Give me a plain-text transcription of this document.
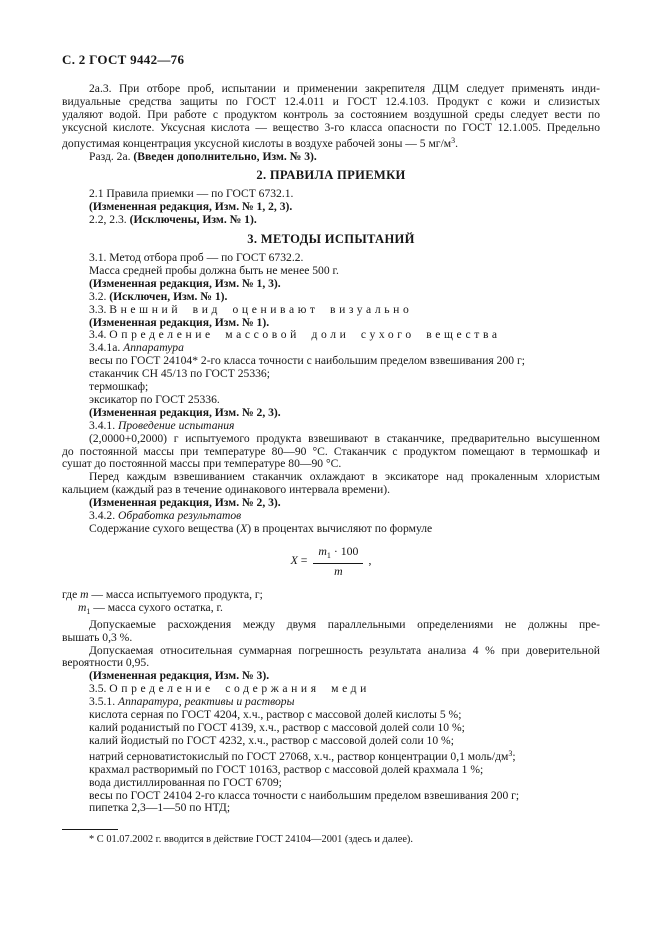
С. 2 ГОСТ 9442—76
2а.3. При отборе проб, испытании и применении закрепителя ДЦМ следует применять инди-
видуальные средства защиты по ГОСТ 12.4.011 и ГОСТ 12.4.103. Продукт с кожи и слизистых
удаляют водой. При работе с продуктом контроль за состоянием воздушной среды следует вести по
уксусной кислоте. Уксусная кислота — вещество 3-го класса опасности по ГОСТ 12.1.005. Предельно
допустимая концентрация уксусной кислоты в воздухе рабочей зоны — 5 $мг/м^3$.
Разд. 2а. (Введен дополнительно, Изм. № 3).
2. ПРАВИЛА ПРИЕМКИ
2.1 Правила приемки — по ГОСТ 6732.1.
(Измененная редакция, Изм. № 1, 2, 3).
2.2, 2.3. (Исключены, Изм. № 1).
3. МЕТОДЫ ИСПЫТАНИЙ
3.1. Метод отбора проб — по ГОСТ 6732.2.
Масса средней пробы должна быть не менее 500 г.
(Измененная редакция, Изм. № 1, 3).
3.2. (Исключен, Изм. № 1).
3.3. Внешний вид оценивают визуально
(Измененная редакция, Изм. № 1).
3.4. Определение массовой доли сухого вещества
3.4.1а. Аппаратура
весы по ГОСТ 24104* 2-го класса точности с наибольшим пределом взвешивания 200 г;
стаканчик СН 45/13 по ГОСТ 25336;
термошкаф;
эксикатор по ГОСТ 25336.
(Измененная редакция, Изм. № 2, 3).
3.4.1. Проведение испытания
(2,0000+0,2000) г испытуемого продукта взвешивают в стаканчике, предварительно высушенном
до постоянной массы при температуре 80—90 °С. Стаканчик с продуктом помещают в термошкаф и
сушат до постоянной массы при температуре 80—90 °С.
Перед каждым взвешиванием стаканчик охлаждают в эксикаторе над прокаленным хлористым
кальцием (каждый раз в течение одинакового интервала времени).
(Измененная редакция, Изм. № 2, 3).
3.4.2. Обработка результатов
Содержание сухого вещества (X) в процентах вычисляют по формуле
$X = \frac{m_1 \cdot 100}{m}$ ,
где m — масса испытуемого продукта, г;
$m_1$ — масса сухого остатка, г.
Допускаемые расхождения между двумя параллельными определениями не должны пре-
вышать 0,3 %.
Допускаемая относительная суммарная погрешность результата анализа 4 % при доверительной
вероятности 0,95.
(Измененная редакция, Изм. № 3).
3.5. Определение содержания меди
3.5.1. Аппаратура, реактивы и растворы
кислота серная по ГОСТ 4204, х.ч., раствор с массовой долей кислоты 5 %;
калий роданистый по ГОСТ 4139, х.ч., раствор с массовой долей соли 10 %;
калий йодистый по ГОСТ 4232, х.ч., раствор с массовой долей соли 10 %;
натрий серноватистокислый по ГОСТ 27068, х.ч., раствор концентрации 0,1 моль/$дм^3$;
крахмал растворимый по ГОСТ 10163, раствор с массовой долей крахмала 1 %;
вода дистиллированная по ГОСТ 6709;
весы по ГОСТ 24104 2-го класса точности с наибольшим пределом взвешивания 200 г;
пипетка 2,3—1—50 по НТД;
* С 01.07.2002 г. вводится в действие ГОСТ 24104—2001 (здесь и далее).
